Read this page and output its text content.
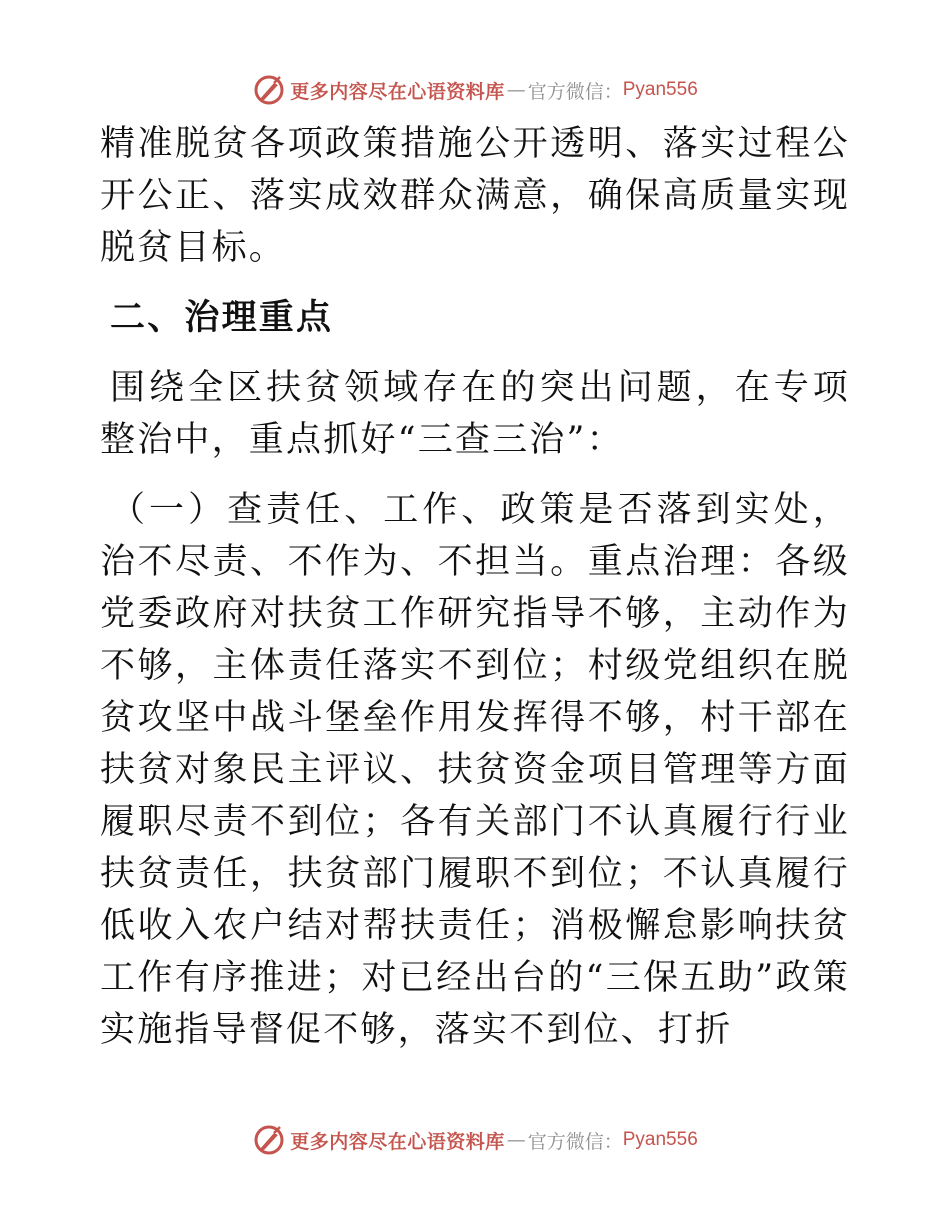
更多内容尽在心语资料库 — 官方微信： Pyan556

精准脱贫各项政策措施公开透明、落实过程公开公正、落实成效群众满意，确保高质量实现脱贫目标。

二、治理重点

围绕全区扶贫领域存在的突出问题，在专项整治中，重点抓好“三查三治”：

（一）查责任、工作、政策是否落到实处，治不尽责、不作为、不担当。重点治理：各级党委政府对扶贫工作研究指导不够，主动作为不够，主体责任落实不到位；村级党组织在脱贫攻坚中战斗堡垒作用发挥得不够，村干部在扶贫对象民主评议、扶贫资金项目管理等方面履职尽责不到位；各有关部门不认真履行行业扶贫责任，扶贫部门履职不到位；不认真履行低收入农户结对帮扶责任；消极懈怠影响扶贫工作有序推进；对已经出台的“三保五助”政策实施指导督促不够，落实不到位、打折

更多内容尽在心语资料库 — 官方微信： Pyan556
